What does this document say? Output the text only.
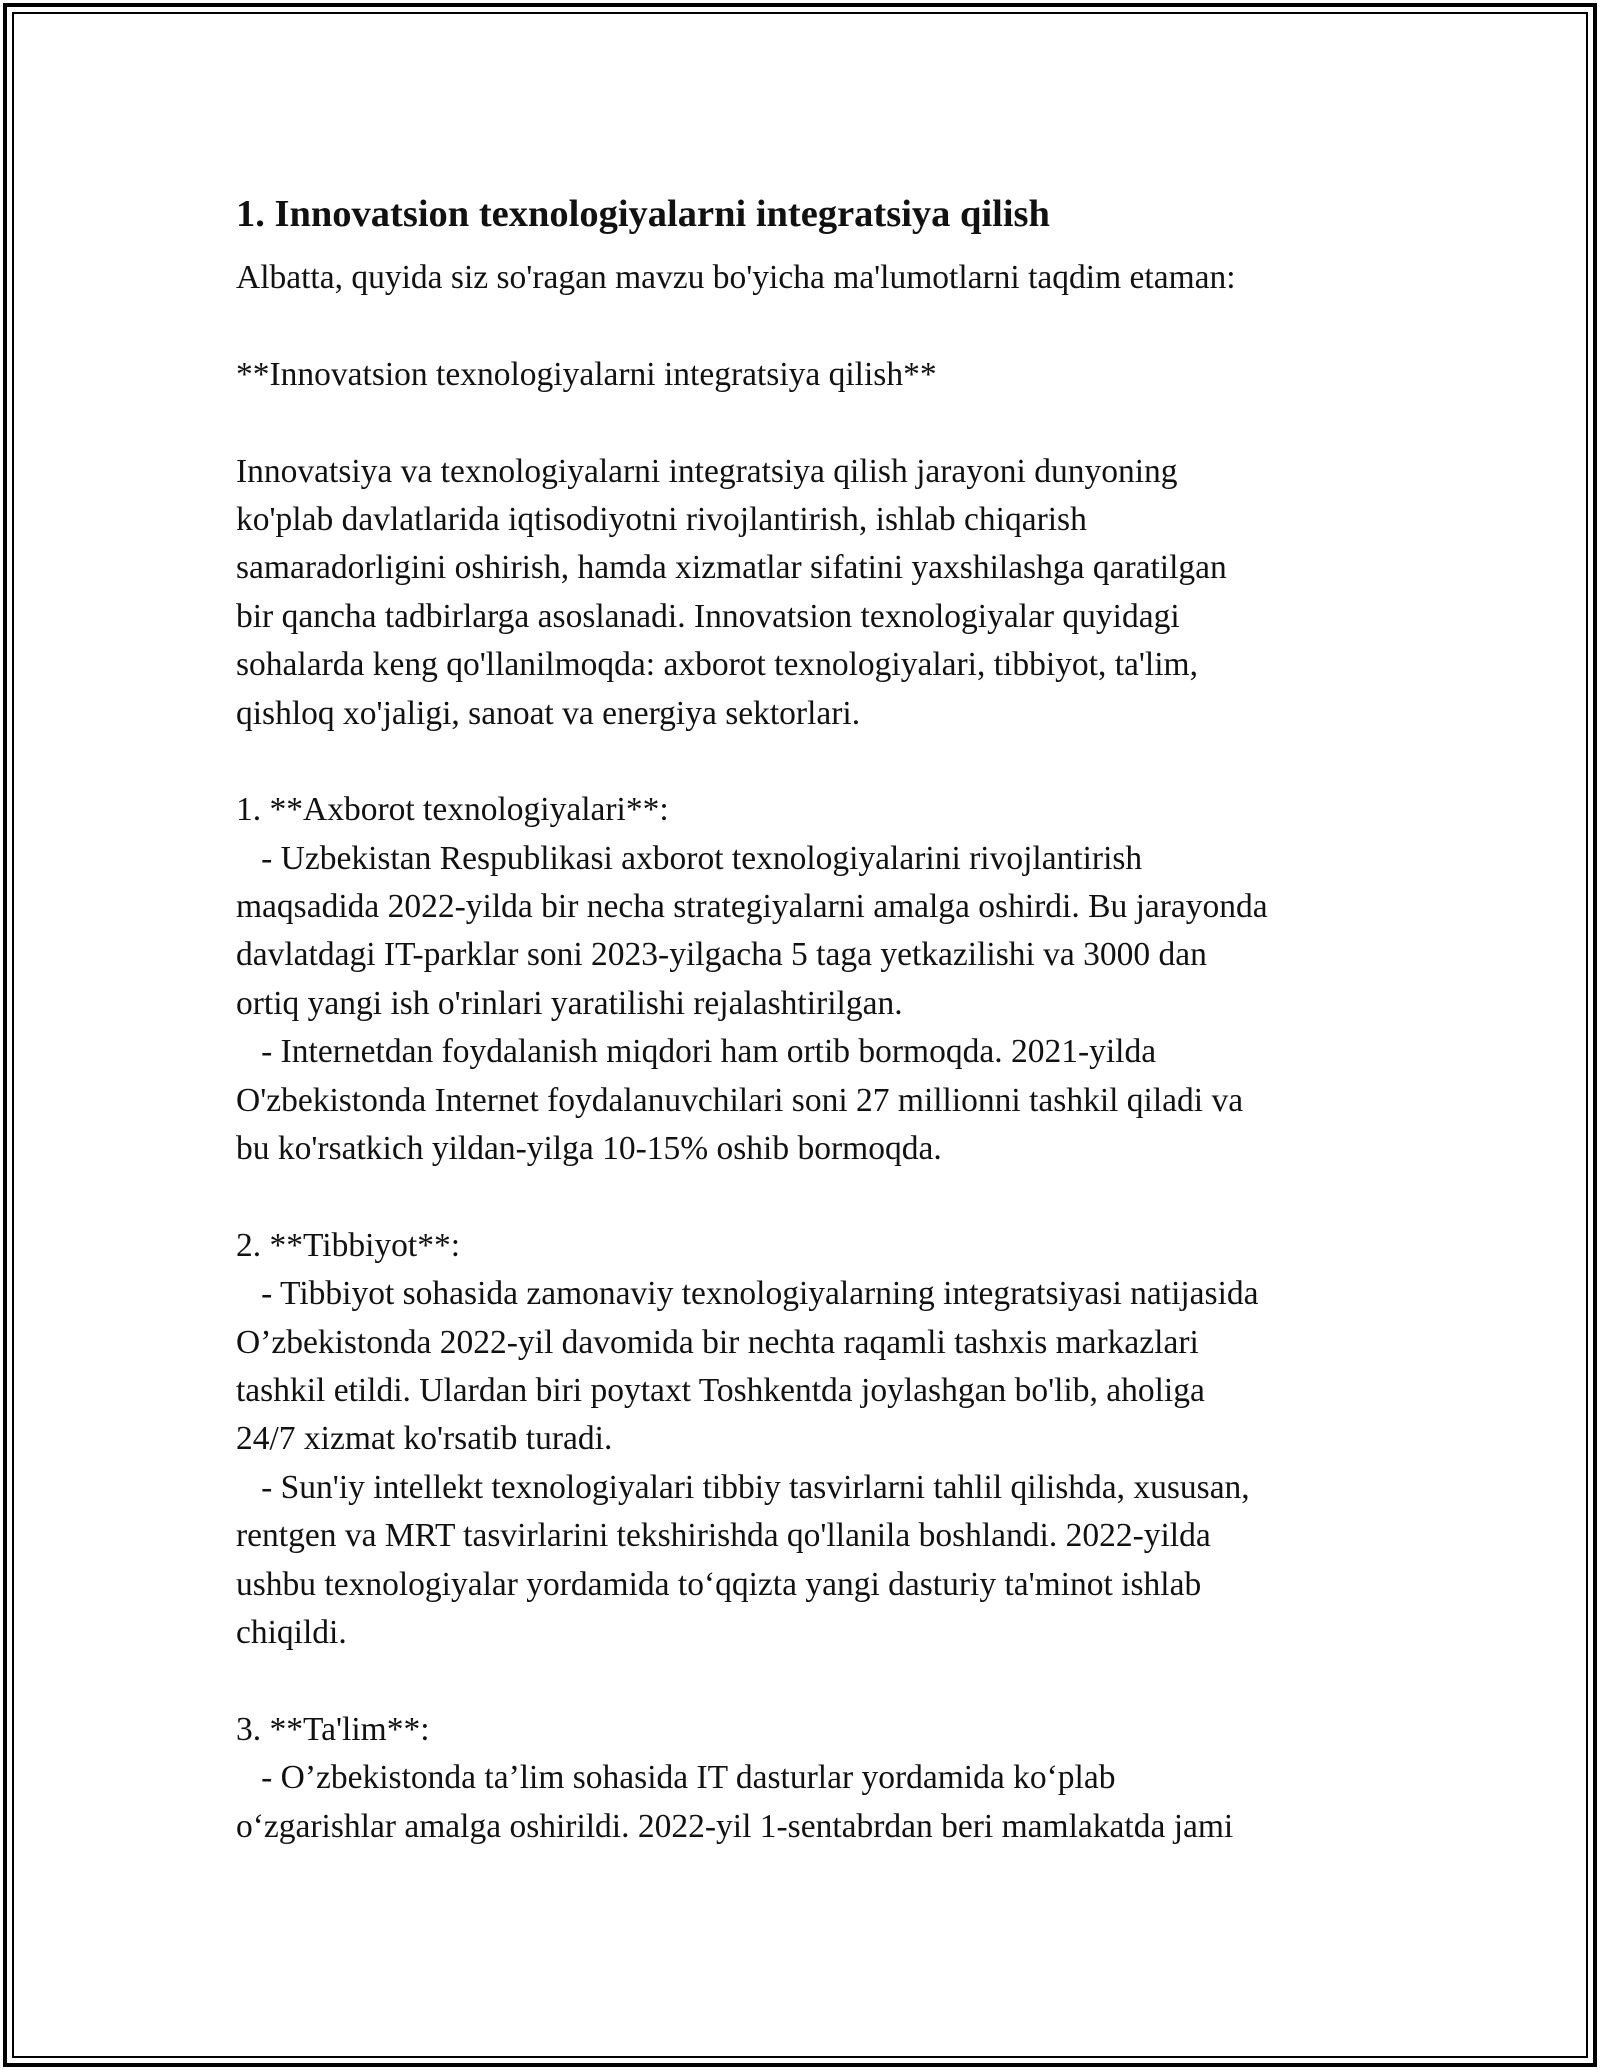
1. Innovatsion texnologiyalarni integratsiya qilish
Albatta, quyida siz so'ragan mavzu bo'yicha ma'lumotlarni taqdim etaman:
**Innovatsion texnologiyalarni integratsiya qilish**
Innovatsiya va texnologiyalarni integratsiya qilish jarayoni dunyoning
ko'plab davlatlarida iqtisodiyotni rivojlantirish, ishlab chiqarish
samaradorligini oshirish, hamda xizmatlar sifatini yaxshilashga qaratilgan
bir qancha tadbirlarga asoslanadi. Innovatsion texnologiyalar quyidagi
sohalarda keng qo'llanilmoqda: axborot texnologiyalari, tibbiyot, ta'lim,
qishloq xo'jaligi, sanoat va energiya sektorlari.
1. **Axborot texnologiyalari**:
- Uzbekistan Respublikasi axborot texnologiyalarini rivojlantirish
maqsadida 2022-yilda bir necha strategiyalarni amalga oshirdi. Bu jarayonda
davlatdagi IT-parklar soni 2023-yilgacha 5 taga yetkazilishi va 3000 dan
ortiq yangi ish o'rinlari yaratilishi rejalashtirilgan.
- Internetdan foydalanish miqdori ham ortib bormoqda. 2021-yilda
O'zbekistonda Internet foydalanuvchilari soni 27 millionni tashkil qiladi va
bu ko'rsatkich yildan-yilga 10-15% oshib bormoqda.
2. **Tibbiyot**:
- Tibbiyot sohasida zamonaviy texnologiyalarning integratsiyasi natijasida
O’zbekistonda 2022-yil davomida bir nechta raqamli tashxis markazlari
tashkil etildi. Ulardan biri poytaxt Toshkentda joylashgan bo'lib, aholiga
24/7 xizmat ko'rsatib turadi.
- Sun'iy intellekt texnologiyalari tibbiy tasvirlarni tahlil qilishda, xususan,
rentgen va MRT tasvirlarini tekshirishda qo'llanila boshlandi. 2022-yilda
ushbu texnologiyalar yordamida to‘qqizta yangi dasturiy ta'minot ishlab
chiqildi.
3. **Ta'lim**:
- O’zbekistonda ta’lim sohasida IT dasturlar yordamida ko‘plab
o‘zgarishlar amalga oshirildi. 2022-yil 1-sentabrdan beri mamlakatda jami
